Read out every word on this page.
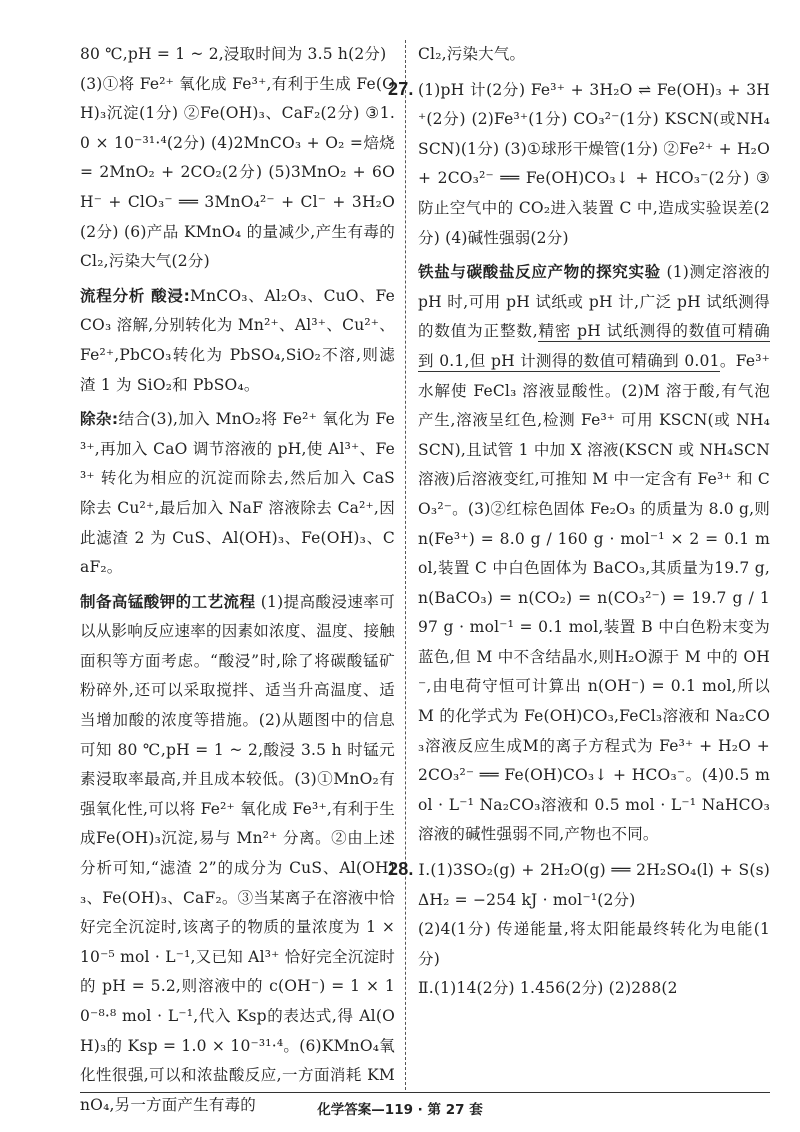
80 ℃,pH = 1 ~ 2,浸取时间为 3.5 h(2分)

(3)①将 Fe²⁺ 氧化成 Fe³⁺,有利于生成 Fe(OH)₃沉淀(1分) ②Fe(OH)₃、CaF₂(2分) ③1.0 × 10⁻³¹·⁴(2分) (4)2MnCO₃ + O₂ =焙烧= 2MnO₂ + 2CO₂(2分) (5)3MnO₂ + 6OH⁻ + ClO₃⁻ ══ 3MnO₄²⁻ + Cl⁻ + 3H₂O(2分) (6)产品 KMnO₄ 的量减少,产生有毒的 Cl₂,污染大气(2分)

流程分析 酸浸:MnCO₃、Al₂O₃、CuO、FeCO₃ 溶解,分别转化为 Mn²⁺、Al³⁺、Cu²⁺、Fe²⁺,PbCO₃转化为 PbSO₄,SiO₂不溶,则滤渣 1 为 SiO₂和 PbSO₄。

除杂:结合(3),加入 MnO₂将 Fe²⁺ 氧化为 Fe³⁺,再加入 CaO 调节溶液的 pH,使 Al³⁺、Fe³⁺ 转化为相应的沉淀而除去,然后加入 CaS 除去 Cu²⁺,最后加入 NaF 溶液除去 Ca²⁺,因此滤渣 2 为 CuS、Al(OH)₃、Fe(OH)₃、CaF₂。

制备高锰酸钾的工艺流程 (1)提高酸浸速率可以从影响反应速率的因素如浓度、温度、接触面积等方面考虑。“酸浸”时,除了将碳酸锰矿粉碎外,还可以采取搅拌、适当升高温度、适当增加酸的浓度等措施。(2)从题图中的信息可知 80 ℃,pH = 1 ~ 2,酸浸 3.5 h 时锰元素浸取率最高,并且成本较低。(3)①MnO₂有强氧化性,可以将 Fe²⁺ 氧化成 Fe³⁺,有利于生成Fe(OH)₃沉淀,易与 Mn²⁺ 分离。②由上述分析可知,“滤渣 2”的成分为 CuS、Al(OH)₃、Fe(OH)₃、CaF₂。③当某离子在溶液中恰好完全沉淀时,该离子的物质的量浓度为 1 × 10⁻⁵ mol · L⁻¹,又已知 Al³⁺ 恰好完全沉淀时的 pH = 5.2,则溶液中的 c(OH⁻) = 1 × 10⁻⁸·⁸ mol · L⁻¹,代入 Ksp的表达式,得 Al(OH)₃的 Ksp = 1.0 × 10⁻³¹·⁴。(6)KMnO₄氧化性很强,可以和浓盐酸反应,一方面消耗 KMnO₄,另一方面产生有毒的

Cl₂,污染大气。

27. (1)pH 计(2分) Fe³⁺ + 3H₂O ⇌ Fe(OH)₃ + 3H⁺(2分) (2)Fe³⁺(1分) CO₃²⁻(1分) KSCN(或NH₄SCN)(1分) (3)①球形干燥管(1分) ②Fe²⁺ + H₂O + 2CO₃²⁻ ══ Fe(OH)CO₃↓ + HCO₃⁻(2分) ③防止空气中的 CO₂进入装置 C 中,造成实验误差(2分) (4)碱性强弱(2分)

铁盐与碳酸盐反应产物的探究实验 (1)测定溶液的 pH 时,可用 pH 试纸或 pH 计,广泛 pH 试纸测得的数值为正整数,精密 pH 试纸测得的数值可精确到 0.1,但 pH 计测得的数值可精确到 0.01。Fe³⁺ 水解使 FeCl₃ 溶液显酸性。(2)M 溶于酸,有气泡产生,溶液呈红色,检测 Fe³⁺ 可用 KSCN(或 NH₄SCN),且试管 1 中加 X 溶液(KSCN 或 NH₄SCN 溶液)后溶液变红,可推知 M 中一定含有 Fe³⁺ 和 CO₃²⁻。(3)②红棕色固体 Fe₂O₃ 的质量为 8.0 g,则 n(Fe³⁺) = 8.0 g / 160 g · mol⁻¹ × 2 = 0.1 mol,装置 C 中白色固体为 BaCO₃,其质量为19.7 g,n(BaCO₃) = n(CO₂) = n(CO₃²⁻) = 19.7 g / 197 g · mol⁻¹ = 0.1 mol,装置 B 中白色粉末变为蓝色,但 M 中不含结晶水,则H₂O源于 M 中的 OH⁻,由电荷守恒可计算出 n(OH⁻) = 0.1 mol,所以 M 的化学式为 Fe(OH)CO₃,FeCl₃溶液和 Na₂CO₃溶液反应生成M的离子方程式为 Fe³⁺ + H₂O + 2CO₃²⁻ ══ Fe(OH)CO₃↓ + HCO₃⁻。(4)0.5 mol · L⁻¹ Na₂CO₃溶液和 0.5 mol · L⁻¹ NaHCO₃溶液的碱性强弱不同,产物也不同。

28. Ⅰ.(1)3SO₂(g) + 2H₂O(g) ══ 2H₂SO₄(l) + S(s) ΔH₂ = −254 kJ · mol⁻¹(2分)

(2)4(1分) 传递能量,将太阳能最终转化为电能(1分)

Ⅱ.(1)14(2分) 1.456(2分) (2)288(2

化学答案—119 · 第 27 套
